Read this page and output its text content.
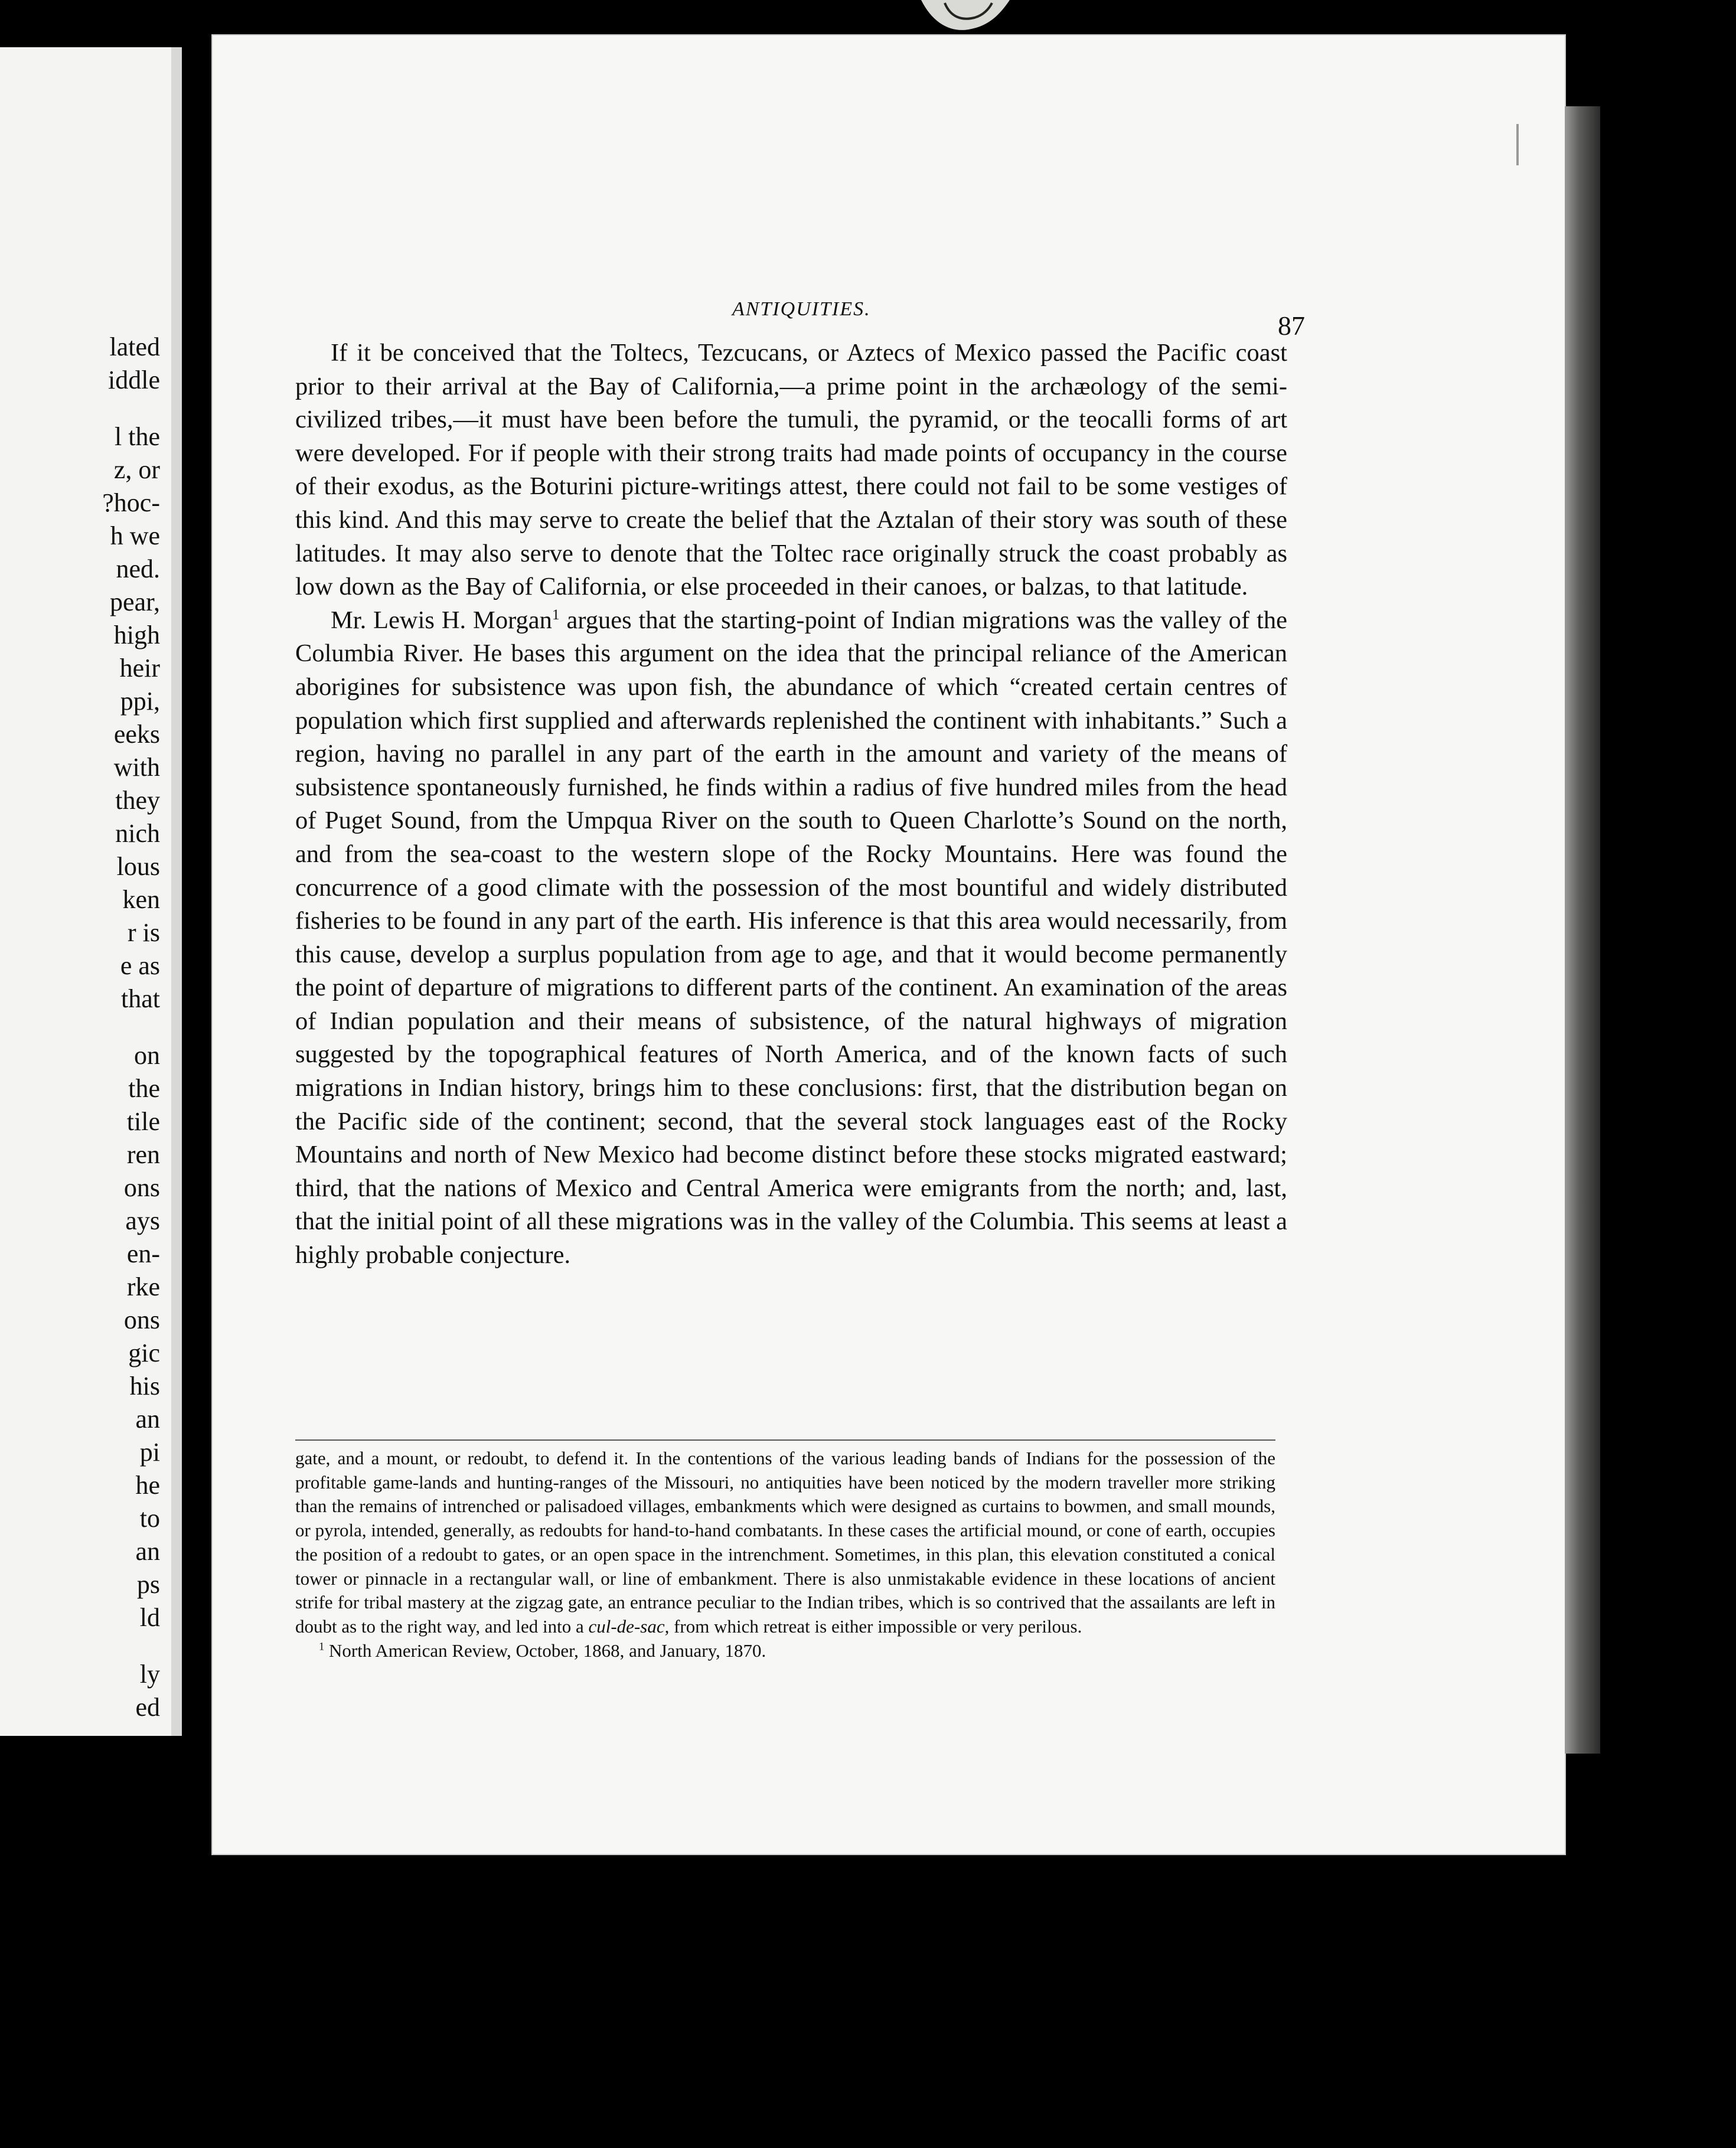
lated
iddle
l the
z, or
?hoc-
h we
ned.
pear,
high
heir
ppi,
eeks
with
they
nich
lous
ken
r is
e as
that
on
the
tile
ren
ons
ays
en-
rke
ons
gic
his
an
pi
he
to
an
ps
ld
ly
ed
ANTIQUITIES.
87

If it be conceived that the Toltecs, Tezcucans, or Aztecs of Mexico passed the Pacific coast prior to their arrival at the Bay of California,—a prime point in the archæology of the semi-civilized tribes,—it must have been before the tumuli, the pyramid, or the teocalli forms of art were developed. For if people with their strong traits had made points of occupancy in the course of their exodus, as the Boturini picture-writings attest, there could not fail to be some vestiges of this kind. And this may serve to create the belief that the Aztalan of their story was south of these latitudes. It may also serve to denote that the Toltec race originally struck the coast probably as low down as the Bay of California, or else proceeded in their canoes, or balzas, to that latitude.

Mr. Lewis H. Morgan$^1$ argues that the starting-point of Indian migrations was the valley of the Columbia River. He bases this argument on the idea that the principal reliance of the American aborigines for subsistence was upon fish, the abundance of which “created certain centres of population which first supplied and afterwards replenished the continent with inhabitants.” Such a region, having no parallel in any part of the earth in the amount and variety of the means of subsistence spontaneously furnished, he finds within a radius of five hundred miles from the head of Puget Sound, from the Umpqua River on the south to Queen Charlotte’s Sound on the north, and from the sea-coast to the western slope of the Rocky Mountains. Here was found the concurrence of a good climate with the possession of the most bountiful and widely distributed fisheries to be found in any part of the earth. His inference is that this area would necessarily, from this cause, develop a surplus population from age to age, and that it would become permanently the point of departure of migrations to different parts of the continent. An examination of the areas of Indian population and their means of subsistence, of the natural highways of migration suggested by the topographical features of North America, and of the known facts of such migrations in Indian history, brings him to these conclusions: first, that the distribution began on the Pacific side of the continent; second, that the several stock languages east of the Rocky Mountains and north of New Mexico had become distinct before these stocks migrated eastward; third, that the nations of Mexico and Central America were emigrants from the north; and, last, that the initial point of all these migrations was in the valley of the Columbia. This seems at least a highly probable conjecture.

gate, and a mount, or redoubt, to defend it. In the contentions of the various leading bands of Indians for the possession of the profitable game-lands and hunting-ranges of the Missouri, no antiquities have been noticed by the modern traveller more striking than the remains of intrenched or palisadoed villages, embankments which were designed as curtains to bowmen, and small mounds, or pyrola, intended, generally, as redoubts for hand-to-hand combatants. In these cases the artificial mound, or cone of earth, occupies the position of a redoubt to gates, or an open space in the intrenchment. Sometimes, in this plan, this elevation constituted a conical tower or pinnacle in a rectangular wall, or line of embankment. There is also unmistakable evidence in these locations of ancient strife for tribal mastery at the zigzag gate, an entrance peculiar to the Indian tribes, which is so contrived that the assailants are left in doubt as to the right way, and led into a cul-de-sac, from which retreat is either impossible or very perilous.

$^1$ North American Review, October, 1868, and January, 1870.
